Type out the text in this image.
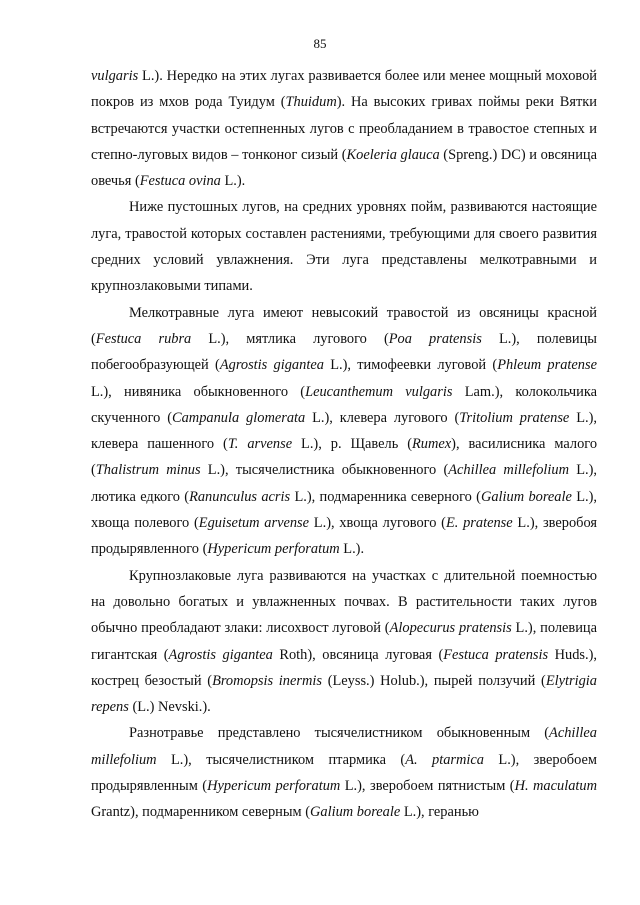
85

vulgaris L.). Нередко на этих лугах развивается более или менее мощный моховой покров из мхов рода Туидум (Thuidum). На высоких гривах поймы реки Вятки встречаются участки остепненных лугов с преобладанием в травостое степных и степно-луговых видов – тонконог сизый (Koeleria glauca (Spreng.) DC) и овсяница овечья (Festuca ovina L.).

Ниже пустошных лугов, на средних уровнях пойм, развиваются настоящие луга, травостой которых составлен растениями, требующими для своего развития средних условий увлажнения. Эти луга представлены мелкотравными и крупнозлаковыми типами.

Мелкотравные луга имеют невысокий травостой из овсяницы красной (Festuca rubra L.), мятлика лугового (Poa pratensis L.), полевицы побегообразующей (Agrostis gigantea L.), тимофеевки луговой (Phleum pratense L.), нивяника обыкновенного (Leucanthemum vulgaris Lam.), колокольчика скученного (Campanula glomerata L.), клевера лугового (Tritolium pratense L.), клевера пашенного (T. arvense L.), р. Щавель (Rumex), василисника малого (Thalistrum minus L.), тысячелистника обыкновенного (Achillea millefolium L.), лютика едкого (Ranunculus acris L.), подмаренника северного (Galium boreale L.), хвоща полевого (Eguisetum arvense L.), хвоща лугового (E. pratense L.), зверобоя продырявленного (Hypericum perforatum L.).

Крупнозлаковые луга развиваются на участках с длительной поемностью на довольно богатых и увлажненных почвах. В растительности таких лугов обычно преобладают злаки: лисохвост луговой (Alopecurus pratensis L.), полевица гигантская (Agrostis gigantea Roth), овсяница луговая (Festuca pratensis Huds.), кострец безостый (Bromopsis inermis (Leyss.) Holub.), пырей ползучий (Elytrigia repens (L.) Nevski.).

Разнотравье представлено тысячелистником обыкновенным (Achillea millefolium L.), тысячелистником птармика (A. ptarmica L.), зверобоем продырявленным (Hypericum perforatum L.), зверобоем пятнистым (H. maculatum Grantz), подмаренником северным (Galium boreale L.), геранью
